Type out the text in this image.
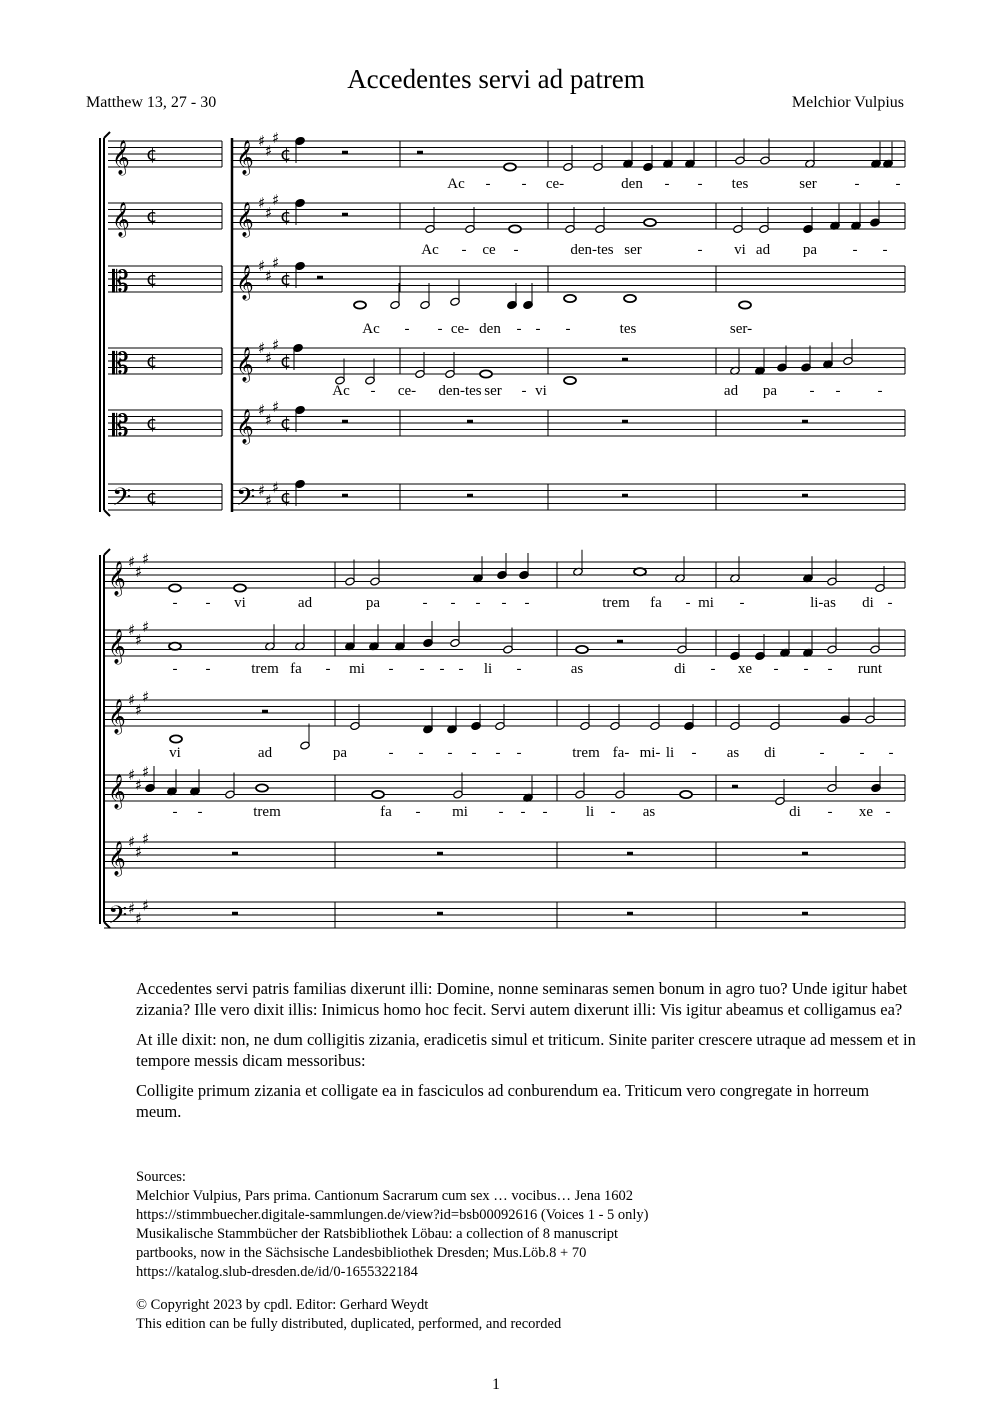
Accedentes servi ad patrem
Matthew 13, 27 - 30	Melchior Vulpius
𝄞 ¢	𝄞 ♯
♯
♯
¢
𝄞 ¢	𝄞 ♯
♯
♯
¢
𝄡 ¢	𝄞 ♯
♯
♯
¢
𝄡 ¢	𝄞 ♯
♯
♯
¢
𝄡 ¢	𝄞 ♯
♯
♯
¢
𝄢 ¢	𝄢 ♯
♯
♯ ¢
Ac - - ce-	den - - tes	ser	- -
Ac - ce -	den-tes ser	- vi ad pa - -
Ac - - ce- den - - -	tes	ser-
Ac - ce- den-tes ser - vi	ad pa - - -
𝄞 ♯
♯
♯
𝄞 ♯
♯
♯
𝄞 ♯
♯
♯
𝄞 ♯
♯
♯
𝄞 ♯
♯
♯
𝄢 ♯
♯
♯
- - vi	ad	pa	- - - - -	trem fa - mi -	li-as di -
- -	trem fa - mi - - - - li -	as	di - xe - - - runt
vi	ad	pa	- - - - - -	trem fa- mi- li - as di	- - -
- -	trem	fa - mi - - -	li - as	di - xe -

Accedentes servi patris familias dixerunt illi: Domine, nonne seminaras semen bonum in agro tuo? Unde igitur habet zizania? Ille vero dixit illis: Inimicus homo hoc fecit. Servi autem dixerunt illi: Vis igitur abeamus et colligamus ea?

At ille dixit: non, ne dum colligitis zizania, eradicetis simul et triticum. Sinite pariter crescere utraque ad messem et in tempore messis dicam messoribus:

Colligite primum zizania et colligate ea in fasciculos ad conburendum ea. Triticum vero congregate in horreum meum.

Sources:
Melchior Vulpius, Pars prima. Cantionum Sacrarum cum sex … vocibus… Jena 1602
https://stimmbuecher.digitale-sammlungen.de/view?id=bsb00092616 (Voices 1 - 5 only)
Musikalische Stammbücher der Ratsbibliothek Löbau: a collection of 8 manuscript
partbooks, now in the Sächsische Landesbibliothek Dresden; Mus.Löb.8 + 70
https://katalog.slub-dresden.de/id/0-1655322184
© Copyright 2023 by cpdl. Editor: Gerhard Weydt
This edition can be fully distributed, duplicated, performed, and recorded
1
